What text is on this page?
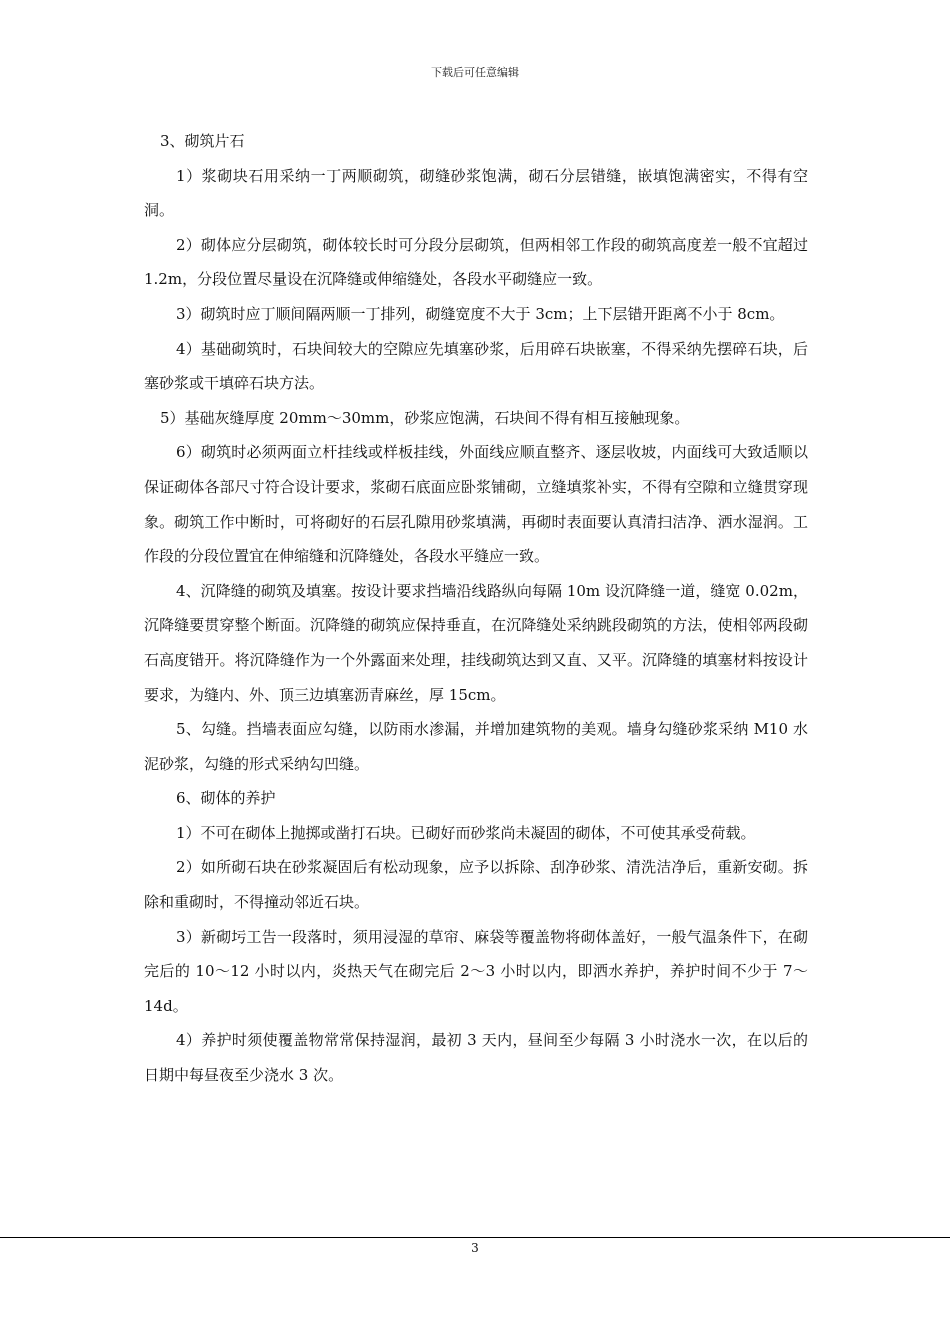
下载后可任意编辑

3、砌筑片石

1）浆砌块石用采纳一丁两顺砌筑，砌缝砂浆饱满，砌石分层错缝，嵌填饱满密实，不得有空洞。

2）砌体应分层砌筑，砌体较长时可分段分层砌筑，但两相邻工作段的砌筑高度差一般不宜超过 1.2m，分段位置尽量设在沉降缝或伸缩缝处，各段水平砌缝应一致。

3）砌筑时应丁顺间隔两顺一丁排列，砌缝宽度不大于 3cm；上下层错开距离不小于 8cm。

4）基础砌筑时，石块间较大的空隙应先填塞砂浆，后用碎石块嵌塞，不得采纳先摆碎石块，后塞砂浆或干填碎石块方法。

5）基础灰缝厚度 20mm～30mm，砂浆应饱满，石块间不得有相互接触现象。

6）砌筑时必须两面立杆挂线或样板挂线，外面线应顺直整齐、逐层收坡，内面线可大致适顺以保证砌体各部尺寸符合设计要求，浆砌石底面应卧浆铺砌，立缝填浆补实，不得有空隙和立缝贯穿现象。砌筑工作中断时，可将砌好的石层孔隙用砂浆填满，再砌时表面要认真清扫洁净、洒水湿润。工作段的分段位置宜在伸缩缝和沉降缝处，各段水平缝应一致。

4、沉降缝的砌筑及填塞。按设计要求挡墙沿线路纵向每隔 10m 设沉降缝一道，缝宽 0.02m，沉降缝要贯穿整个断面。沉降缝的砌筑应保持垂直，在沉降缝处采纳跳段砌筑的方法，使相邻两段砌石高度错开。将沉降缝作为一个外露面来处理，挂线砌筑达到又直、又平。沉降缝的填塞材料按设计要求，为缝内、外、顶三边填塞沥青麻丝，厚 15cm。

5、勾缝。挡墙表面应勾缝，以防雨水渗漏，并增加建筑物的美观。墙身勾缝砂浆采纳 M10 水泥砂浆，勾缝的形式采纳勾凹缝。

6、砌体的养护

1）不可在砌体上抛掷或凿打石块。已砌好而砂浆尚未凝固的砌体，不可使其承受荷载。

2）如所砌石块在砂浆凝固后有松动现象，应予以拆除、刮净砂浆、清洗洁净后，重新安砌。拆除和重砌时，不得撞动邻近石块。

3）新砌圬工告一段落时，须用浸湿的草帘、麻袋等覆盖物将砌体盖好，一般气温条件下，在砌完后的 10～12 小时以内，炎热天气在砌完后 2～3 小时以内，即洒水养护，养护时间不少于 7～14d。

4）养护时须使覆盖物常常保持湿润，最初 3 天内，昼间至少每隔 3 小时浇水一次，在以后的日期中每昼夜至少浇水 3 次。

3
